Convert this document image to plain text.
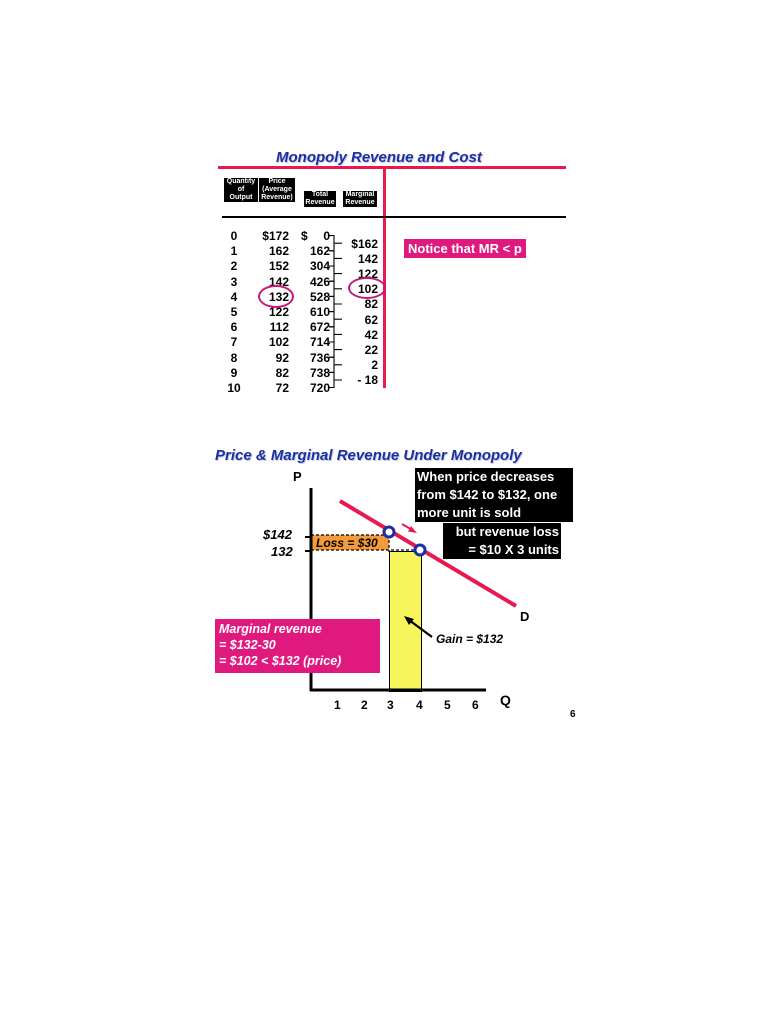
Monopoly Revenue and Cost
Quantity
of
Output
Price
(Average
Revenue)	Total
Revenue
Marginal
Revenue
0
1
2
3
4
5
6
7
8
9
10
$172
162
152
142
132
122
112
102
92
82
72
$	0
162
304
426
528
610
672
714
736
738
720
$162
142
122
102
82
62
42
22
2
- 18
Notice that MR < p
Price & Marginal Revenue Under Monopoly
P
Loss = $30
$142
132
D
Gain = $132
1 2 3 4 5 6 Q
When price decreases
from $142 to $132, one
more unit is sold
but revenue loss
= $10 X 3 units
Marginal revenue
= $132-30
= $102 < $132 (price)
6
